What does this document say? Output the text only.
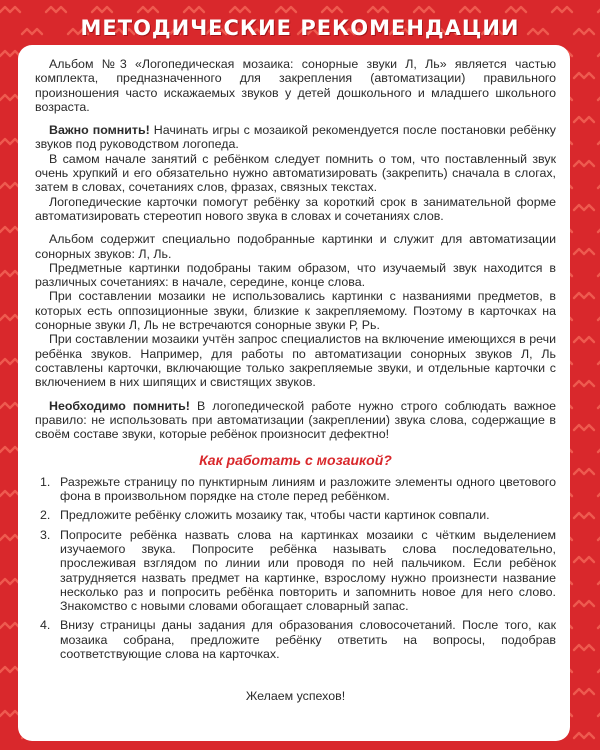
МЕТОДИЧЕСКИЕ РЕКОМЕНДАЦИИ

Альбом №3 «Логопедическая мозаика: сонорные звуки Л, Ль» является частью комплекта, предназначенного для закрепления (автоматизации) правильного произношения часто искажаемых звуков у детей дошкольного и младшего школьного возраста.

Важно помнить! Начинать игры с мозаикой рекомендуется после постановки ребёнку звуков под руководством логопеда.

В самом начале занятий с ребёнком следует помнить о том, что поставленный звук очень хрупкий и его обязательно нужно автоматизировать (закрепить) сначала в слогах, затем в словах, сочетаниях слов, фразах, связных текстах.

Логопедические карточки помогут ребёнку за короткий срок в занимательной форме автоматизировать стереотип нового звука в словах и сочетаниях слов.

Альбом содержит специально подобранные картинки и служит для автоматизации сонорных звуков: Л, Ль.

Предметные картинки подобраны таким образом, что изучаемый звук находится в различных сочетаниях: в начале, середине, конце слова.

При составлении мозаики не использовались картинки с названиями предметов, в которых есть оппозиционные звуки, близкие к закрепляемому. Поэтому в карточках на сонорные звуки Л, Ль не встречаются сонорные звуки Р, Рь.

При составлении мозаики учтён запрос специалистов на включение имеющихся в речи ребёнка звуков. Например, для работы по автоматизации сонорных звуков Л, Ль составлены карточки, включающие только закрепляемые звуки, и отдельные карточки с включением в них шипящих и свистящих звуков.

Необходимо помнить! В логопедической работе нужно строго соблюдать важное правило: не использовать при автоматизации (закреплении) звука слова, содержащие в своём составе звуки, которые ребёнок произносит дефектно!

Как работать с мозаикой?
1. Разрежьте страницу по пунктирным линиям и разложите элементы одного цветового фона в произвольном порядке на столе перед ребёнком.
2. Предложите ребёнку сложить мозаику так, чтобы части картинок совпали.
3. Попросите ребёнка назвать слова на картинках мозаики с чётким выделением изучаемого звука. Попросите ребёнка называть слова последовательно, прослеживая взглядом по линии или проводя по ней пальчиком. Если ребёнок затрудняется назвать предмет на картинке, взрослому нужно произнести название несколько раз и попросить ребёнка повторить и запомнить новое для него слово. Знакомство с новыми словами обогащает словарный запас.
4. Внизу страницы даны задания для образования словосочетаний. После того, как мозаика собрана, предложите ребёнку ответить на вопросы, подобрав соответствующие слова на карточках.
Желаем успехов!
